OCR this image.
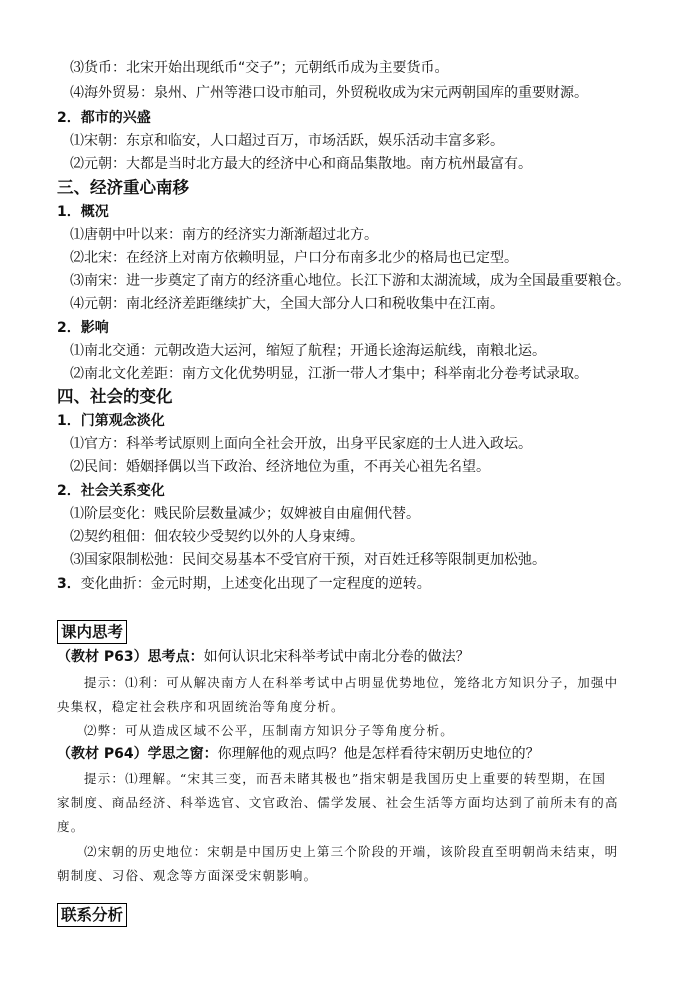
⑶货币：北宋开始出现纸币“交子”；元朝纸币成为主要货币。
⑷海外贸易：泉州、广州等港口设市舶司，外贸税收成为宋元两朝国库的重要财源。
2．都市的兴盛
⑴宋朝：东京和临安，人口超过百万，市场活跃，娱乐活动丰富多彩。
⑵元朝：大都是当时北方最大的经济中心和商品集散地。南方杭州最富有。
三、经济重心南移
1．概况
⑴唐朝中叶以来：南方的经济实力渐渐超过北方。
⑵北宋：在经济上对南方依赖明显，户口分布南多北少的格局也已定型。
⑶南宋：进一步奠定了南方的经济重心地位。长江下游和太湖流域，成为全国最重要粮仓。
⑷元朝：南北经济差距继续扩大，全国大部分人口和税收集中在江南。
2．影响
⑴南北交通：元朝改造大运河，缩短了航程；开通长途海运航线，南粮北运。
⑵南北文化差距：南方文化优势明显，江浙一带人才集中；科举南北分卷考试录取。
四、社会的变化
1．门第观念淡化
⑴官方：科举考试原则上面向全社会开放，出身平民家庭的士人进入政坛。
⑵民间：婚姻择偶以当下政治、经济地位为重，不再关心祖先名望。
2．社会关系变化
⑴阶层变化：贱民阶层数量减少；奴婢被自由雇佣代替。
⑵契约租佃：佃农较少受契约以外的人身束缚。
⑶国家限制松弛：民间交易基本不受官府干预，对百姓迁移等限制更加松弛。
3．变化曲折：金元时期，上述变化出现了一定程度的逆转。
课内思考
（教材 P63）思考点：如何认识北宋科举考试中南北分卷的做法？
提示：⑴利：可从解决南方人在科举考试中占明显优势地位，笼络北方知识分子，加强中
央集权，稳定社会秩序和巩固统治等角度分析。
⑵弊：可从造成区域不公平，压制南方知识分子等角度分析。
（教材 P64）学思之窗：你理解他的观点吗？他是怎样看待宋朝历史地位的？
提示：⑴理解。“宋其三变，而吾未睹其极也”指宋朝是我国历史上重要的转型期，在国
家制度、商品经济、科举选官、文官政治、儒学发展、社会生活等方面均达到了前所未有的高
度。
⑵宋朝的历史地位：宋朝是中国历史上第三个阶段的开端，该阶段直至明朝尚未结束，明
朝制度、习俗、观念等方面深受宋朝影响。
联系分析
